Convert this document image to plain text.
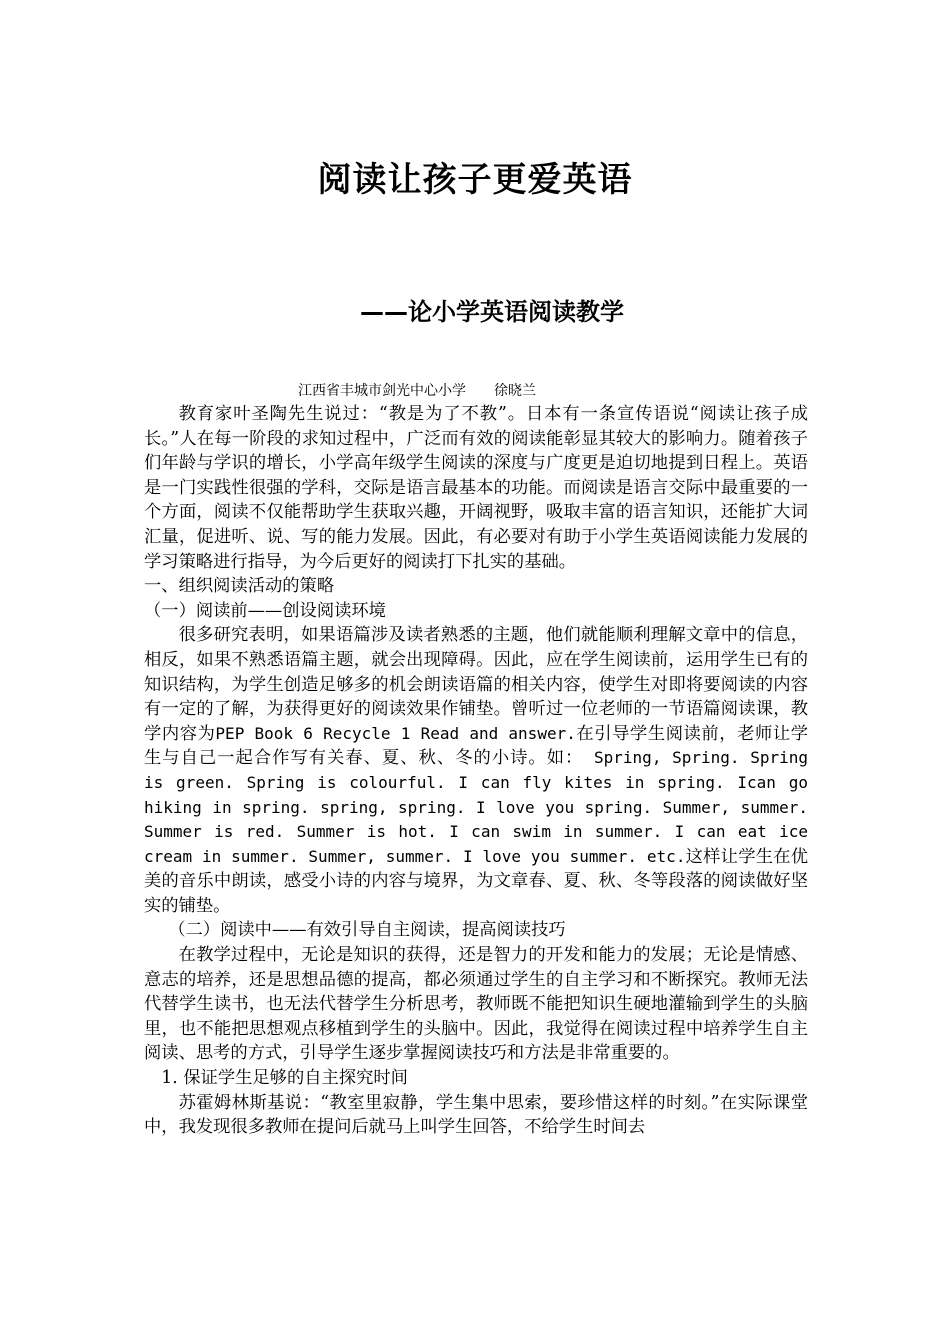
阅读让孩子更爱英语
——论小学英语阅读教学
江西省丰城市剑光中心小学　　徐晓兰

教育家叶圣陶先生说过：“教是为了不教”。日本有一条宣传语说“阅读让孩子成长。”人在每一阶段的求知过程中，广泛而有效的阅读能彰显其较大的影响力。随着孩子们年龄与学识的增长，小学高年级学生阅读的深度与广度更是迫切地提到日程上。英语是一门实践性很强的学科，交际是语言最基本的功能。而阅读是语言交际中最重要的一个方面，阅读不仅能帮助学生获取兴趣，开阔视野，吸取丰富的语言知识，还能扩大词汇量，促进听、说、写的能力发展。因此，有必要对有助于小学生英语阅读能力发展的学习策略进行指导，为今后更好的阅读打下扎实的基础。

一、组织阅读活动的策略

（一）阅读前——创设阅读环境

很多研究表明，如果语篇涉及读者熟悉的主题，他们就能顺利理解文章中的信息，相反，如果不熟悉语篇主题，就会出现障碍。因此，应在学生阅读前，运用学生已有的知识结构，为学生创造足够多的机会朗读语篇的相关内容，使学生对即将要阅读的内容有一定的了解，为获得更好的阅读效果作铺垫。曾听过一位老师的一节语篇阅读课，教学内容为PEP Book 6 Recycle 1 Read and answer.在引导学生阅读前，老师让学生与自己一起合作写有关春、夏、秋、冬的小诗。如： Spring, Spring. Spring is green. Spring is colourful. I can fly kites in spring. Ican go hiking in spring. spring, spring. I love you spring. Summer, summer. Summer is red. Summer is hot. I can swim in summer. I can eat ice cream in summer. Summer, summer. I love you summer. etc.这样让学生在优美的音乐中朗读，感受小诗的内容与境界，为文章春、夏、秋、冬等段落的阅读做好坚实的铺垫。

（二）阅读中——有效引导自主阅读，提高阅读技巧

在教学过程中，无论是知识的获得，还是智力的开发和能力的发展；无论是情感、意志的培养，还是思想品德的提高，都必须通过学生的自主学习和不断探究。教师无法代替学生读书，也无法代替学生分析思考，教师既不能把知识生硬地灌输到学生的头脑里，也不能把思想观点移植到学生的头脑中。因此，我觉得在阅读过程中培养学生自主阅读、思考的方式，引导学生逐步掌握阅读技巧和方法是非常重要的。

1. 保证学生足够的自主探究时间

苏霍姆林斯基说：“教室里寂静，学生集中思索，要珍惜这样的时刻。”在实际课堂中，我发现很多教师在提问后就马上叫学生回答，不给学生时间去
